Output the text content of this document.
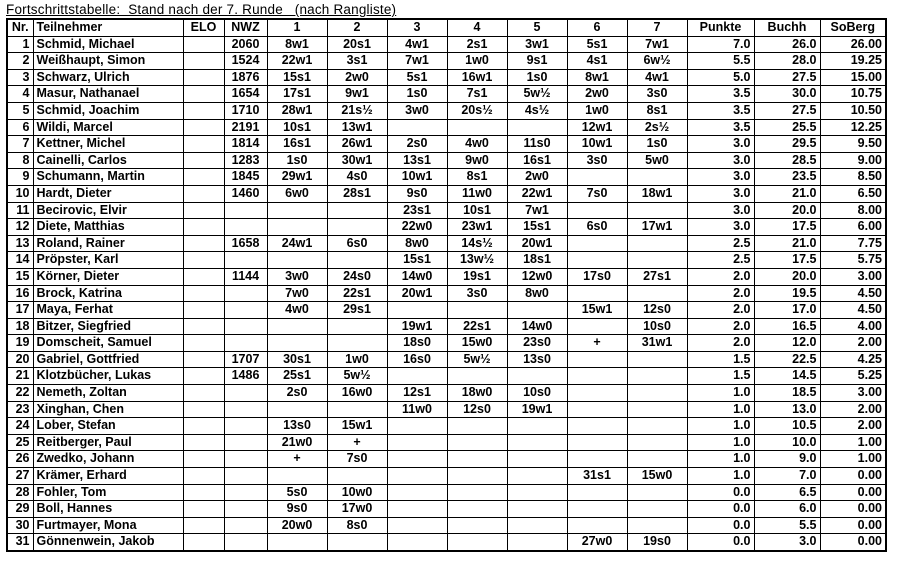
Fortschrittstabelle:  Stand nach der 7. Runde   (nach Rangliste)
Nr.	Teilnehmer	ELO	NWZ	1	2	3	4	5	6	7	Punkte	Buchh	SoBerg
1	Schmid, Michael		2060	8w1	20s1	4w1	2s1	3w1	5s1	7w1	7.0	26.0	26.00
2	Weißhaupt, Simon		1524	22w1	3s1	7w1	1w0	9s1	4s1	6w½	5.5	28.0	19.25
3	Schwarz, Ulrich		1876	15s1	2w0	5s1	16w1	1s0	8w1	4w1	5.0	27.5	15.00
4	Masur, Nathanael		1654	17s1	9w1	1s0	7s1	5w½	2w0	3s0	3.5	30.0	10.75
5	Schmid, Joachim		1710	28w1	21s½	3w0	20s½	4s½	1w0	8s1	3.5	27.5	10.50
6	Wildi, Marcel		2191	10s1	13w1				12w1	2s½	3.5	25.5	12.25
7	Kettner, Michel		1814	16s1	26w1	2s0	4w0	11s0	10w1	1s0	3.0	29.5	9.50
8	Cainelli, Carlos		1283	1s0	30w1	13s1	9w0	16s1	3s0	5w0	3.0	28.5	9.00
9	Schumann, Martin		1845	29w1	4s0	10w1	8s1	2w0			3.0	23.5	8.50
10	Hardt, Dieter		1460	6w0	28s1	9s0	11w0	22w1	7s0	18w1	3.0	21.0	6.50
11	Becirovic, Elvir					23s1	10s1	7w1			3.0	20.0	8.00
12	Diete, Matthias					22w0	23w1	15s1	6s0	17w1	3.0	17.5	6.00
13	Roland, Rainer		1658	24w1	6s0	8w0	14s½	20w1			2.5	21.0	7.75
14	Pröpster, Karl					15s1	13w½	18s1			2.5	17.5	5.75
15	Körner, Dieter		1144	3w0	24s0	14w0	19s1	12w0	17s0	27s1	2.0	20.0	3.00
16	Brock, Katrina			7w0	22s1	20w1	3s0	8w0			2.0	19.5	4.50
17	Maya, Ferhat			4w0	29s1				15w1	12s0	2.0	17.0	4.50
18	Bitzer, Siegfried					19w1	22s1	14w0		10s0	2.0	16.5	4.00
19	Domscheit, Samuel					18s0	15w0	23s0	+	31w1	2.0	12.0	2.00
20	Gabriel, Gottfried		1707	30s1	1w0	16s0	5w½	13s0			1.5	22.5	4.25
21	Klotzbücher, Lukas		1486	25s1	5w½						1.5	14.5	5.25
22	Nemeth, Zoltan			2s0	16w0	12s1	18w0	10s0			1.0	18.5	3.00
23	Xinghan, Chen					11w0	12s0	19w1			1.0	13.0	2.00
24	Lober, Stefan			13s0	15w1						1.0	10.5	2.00
25	Reitberger, Paul			21w0	+						1.0	10.0	1.00
26	Zwedko, Johann			+	7s0						1.0	9.0	1.00
27	Krämer, Erhard								31s1	15w0	1.0	7.0	0.00
28	Fohler, Tom			5s0	10w0						0.0	6.5	0.00
29	Boll, Hannes			9s0	17w0						0.0	6.0	0.00
30	Furtmayer, Mona			20w0	8s0						0.0	5.5	0.00
31	Gönnenwein, Jakob								27w0	19s0	0.0	3.0	0.00
